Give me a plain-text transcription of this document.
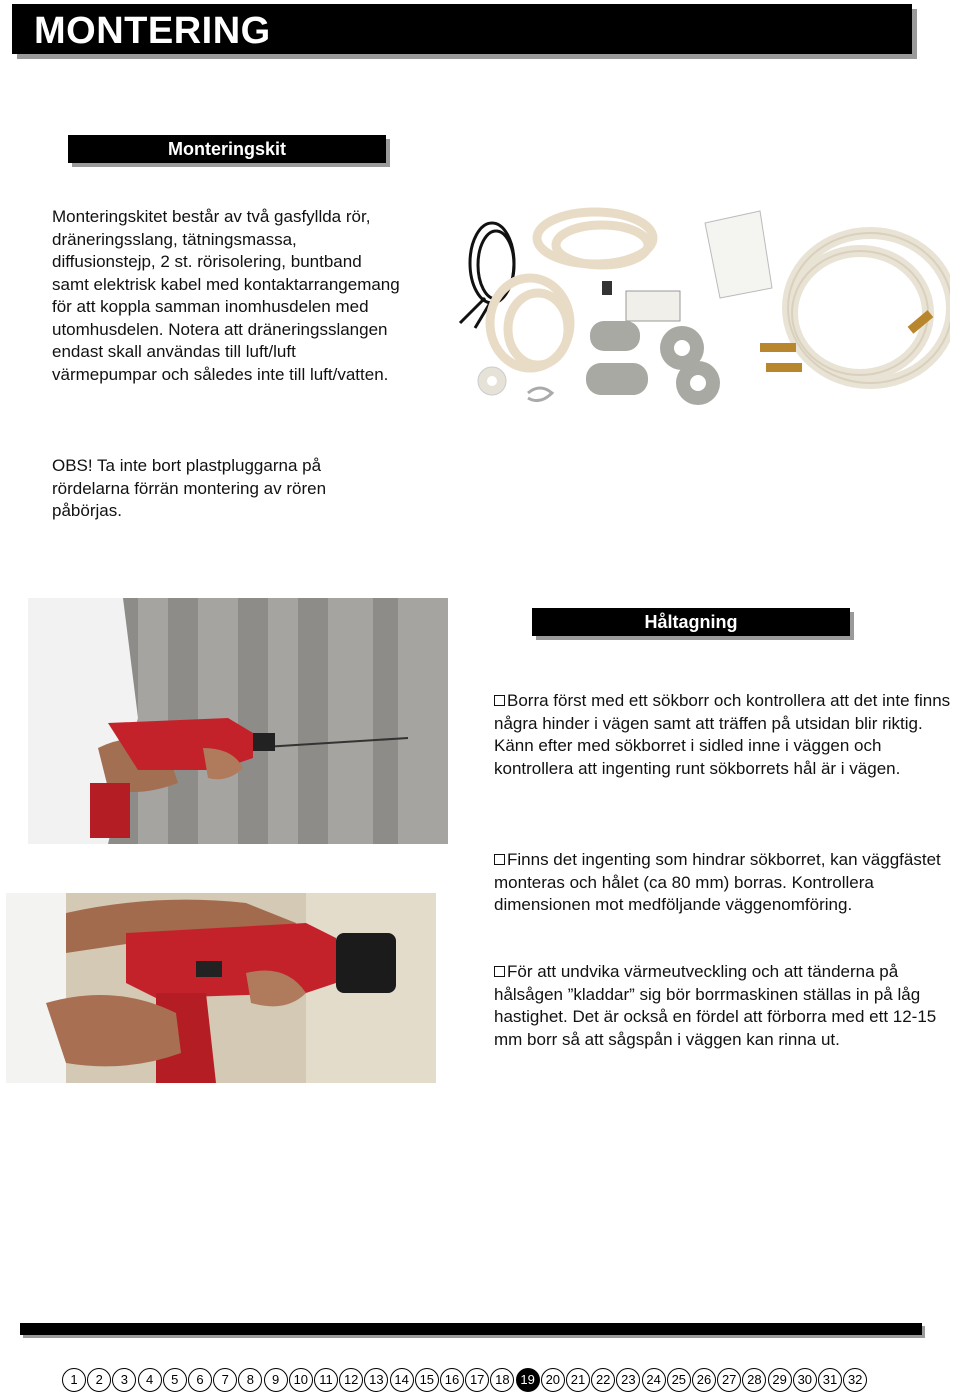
MONTERING
Monteringskit
Monteringskitet består av två gasfyllda rör, dräneringsslang, tätningsmassa, diffusionstejp, 2 st. rörisolering, buntband samt elektrisk kabel med kontaktarrangemang för att koppla samman inomhusdelen med utomhusdelen. Notera att dräneringsslangen endast skall användas till luft/luft värmepumpar och således inte till luft/vatten.
OBS! Ta inte bort plastpluggarna på rördelarna förrän montering av rören påbörjas.
Håltagning
Borra först med ett sökborr och kontrollera att det inte finns några hinder i vägen samt att träffen på utsidan blir riktig. Känn efter med sökborret i sidled inne i väggen och kontrollera att ingenting runt sökborrets hål är i vägen.
Finns det ingenting som hindrar sökborret, kan väggfästet monteras och hålet (ca 80 mm) borras. Kontrollera dimensionen mot medföljande väggenomföring.
För att undvika värmeutveckling och att tänderna på hålsågen ”kladdar” sig bör borrmaskinen ställas in på låg hastighet. Det är också en fördel att förborra med ett 12-15 mm borr så att sågspån i väggen kan rinna ut.
1	2	3	4	5	6	7	8	9	10 11 12 13 14 15 16 17 18 19 20 21 22 23 24 25 26 27 28 29 30 31 32
